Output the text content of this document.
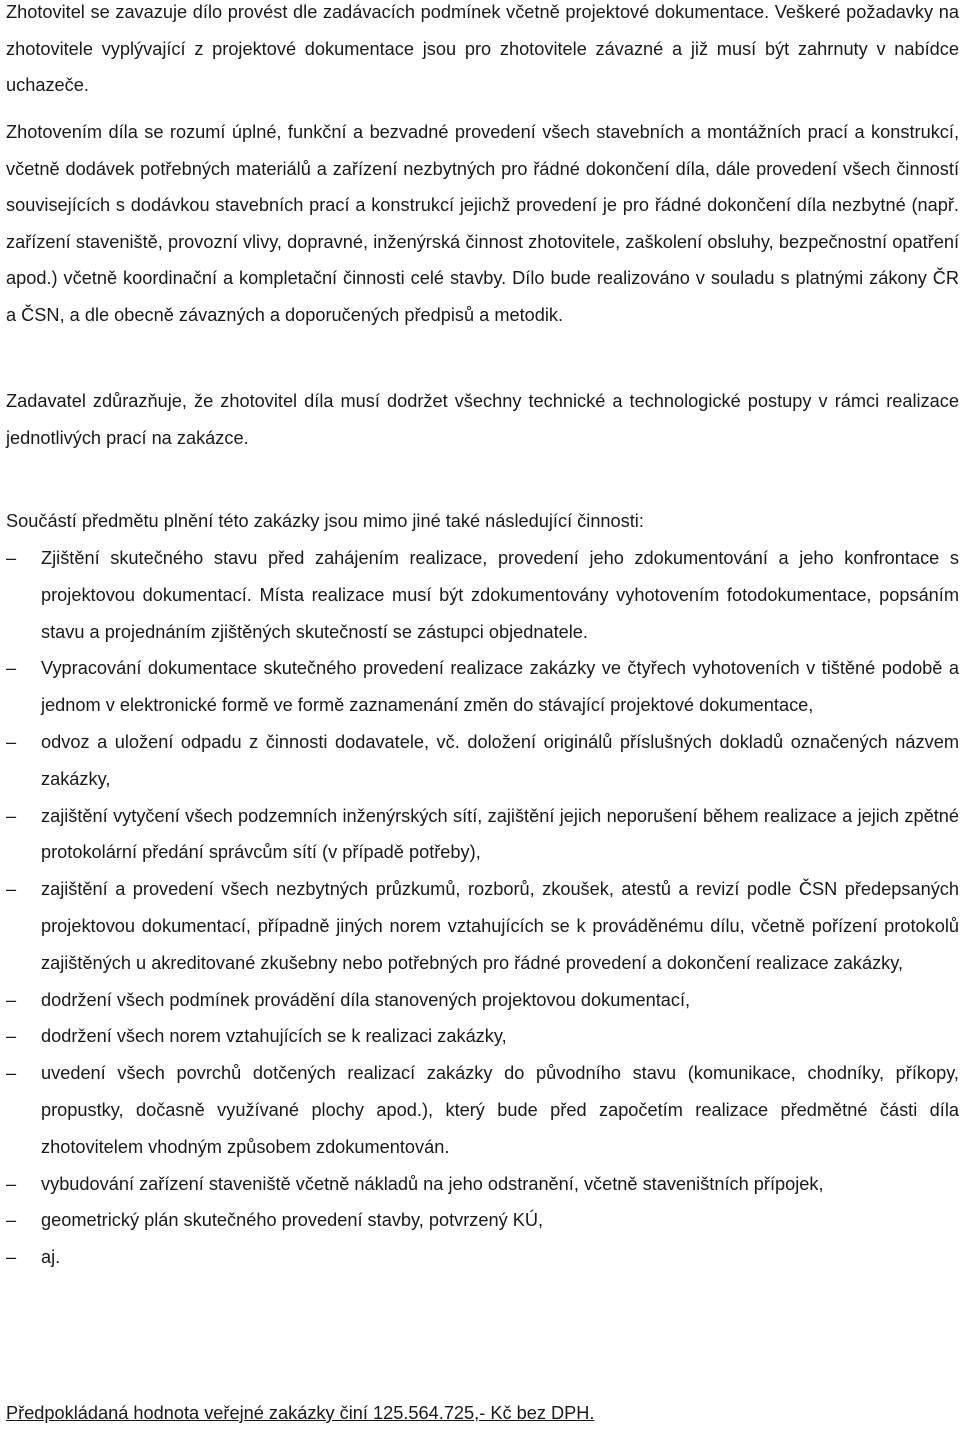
Zhotovitel se zavazuje dílo provést dle zadávacích podmínek včetně projektové dokumentace. Veškeré požadavky na zhotovitele vyplývající z projektové dokumentace jsou pro zhotovitele závazné a již musí být zahrnuty v nabídce uchazeče.

Zhotovením díla se rozumí úplné, funkční a bezvadné provedení všech stavebních a montážních prací a konstrukcí, včetně dodávek potřebných materiálů a zařízení nezbytných pro řádné dokončení díla, dále provedení všech činností souvisejících s dodávkou stavebních prací a konstrukcí jejichž provedení je pro řádné dokončení díla nezbytné (např. zařízení staveniště, provozní vlivy, dopravné, inženýrská činnost zhotovitele, zaškolení obsluhy, bezpečnostní opatření apod.) včetně koordinační a kompletační činnosti celé stavby. Dílo bude realizováno v souladu s platnými zákony ČR a ČSN, a dle obecně závazných a doporučených předpisů a metodik.

Zadavatel zdůrazňuje, že zhotovitel díla musí dodržet všechny technické a technologické postupy v rámci realizace jednotlivých prací na zakázce.

Součástí předmětu plnění této zakázky jsou mimo jiné také následující činnosti:

–	Zjištění skutečného stavu před zahájením realizace, provedení jeho zdokumentování a jeho konfrontace s projektovou dokumentací. Místa realizace musí být zdokumentovány vyhotovením fotodokumentace, popsáním stavu a projednáním zjištěných skutečností se zástupci objednatele.
–	Vypracování dokumentace skutečného provedení realizace zakázky ve čtyřech vyhotoveních v tištěné podobě a jednom v elektronické formě ve formě zaznamenání změn do stávající projektové dokumentace,
–	odvoz a uložení odpadu z činnosti dodavatele, vč. doložení originálů příslušných dokladů označených názvem zakázky,
–	zajištění vytyčení všech podzemních inženýrských sítí, zajištění jejich neporušení během realizace a jejich zpětné protokolární předání správcům sítí (v případě potřeby),
–	zajištění a provedení všech nezbytných průzkumů, rozborů, zkoušek, atestů a revizí podle ČSN předepsaných projektovou dokumentací, případně jiných norem vztahujících se k prováděnému dílu, včetně pořízení protokolů zajištěných u akreditované zkušebny nebo potřebných pro řádné provedení a dokončení realizace zakázky,
–	dodržení všech podmínek provádění díla stanovených projektovou dokumentací,
–	dodržení všech norem vztahujících se k realizaci zakázky,
–	uvedení všech povrchů dotčených realizací zakázky do původního stavu (komunikace, chodníky, příkopy, propustky, dočasně využívané plochy apod.), který bude před započetím realizace předmětné části díla zhotovitelem vhodným způsobem zdokumentován.
–	vybudování zařízení staveniště včetně nákladů na jeho odstranění, včetně staveništních přípojek,
–	geometrický plán skutečného provedení stavby, potvrzený KÚ,
–	aj.

Předpokládaná hodnota veřejné zakázky činí 125.564.725,- Kč bez DPH.
